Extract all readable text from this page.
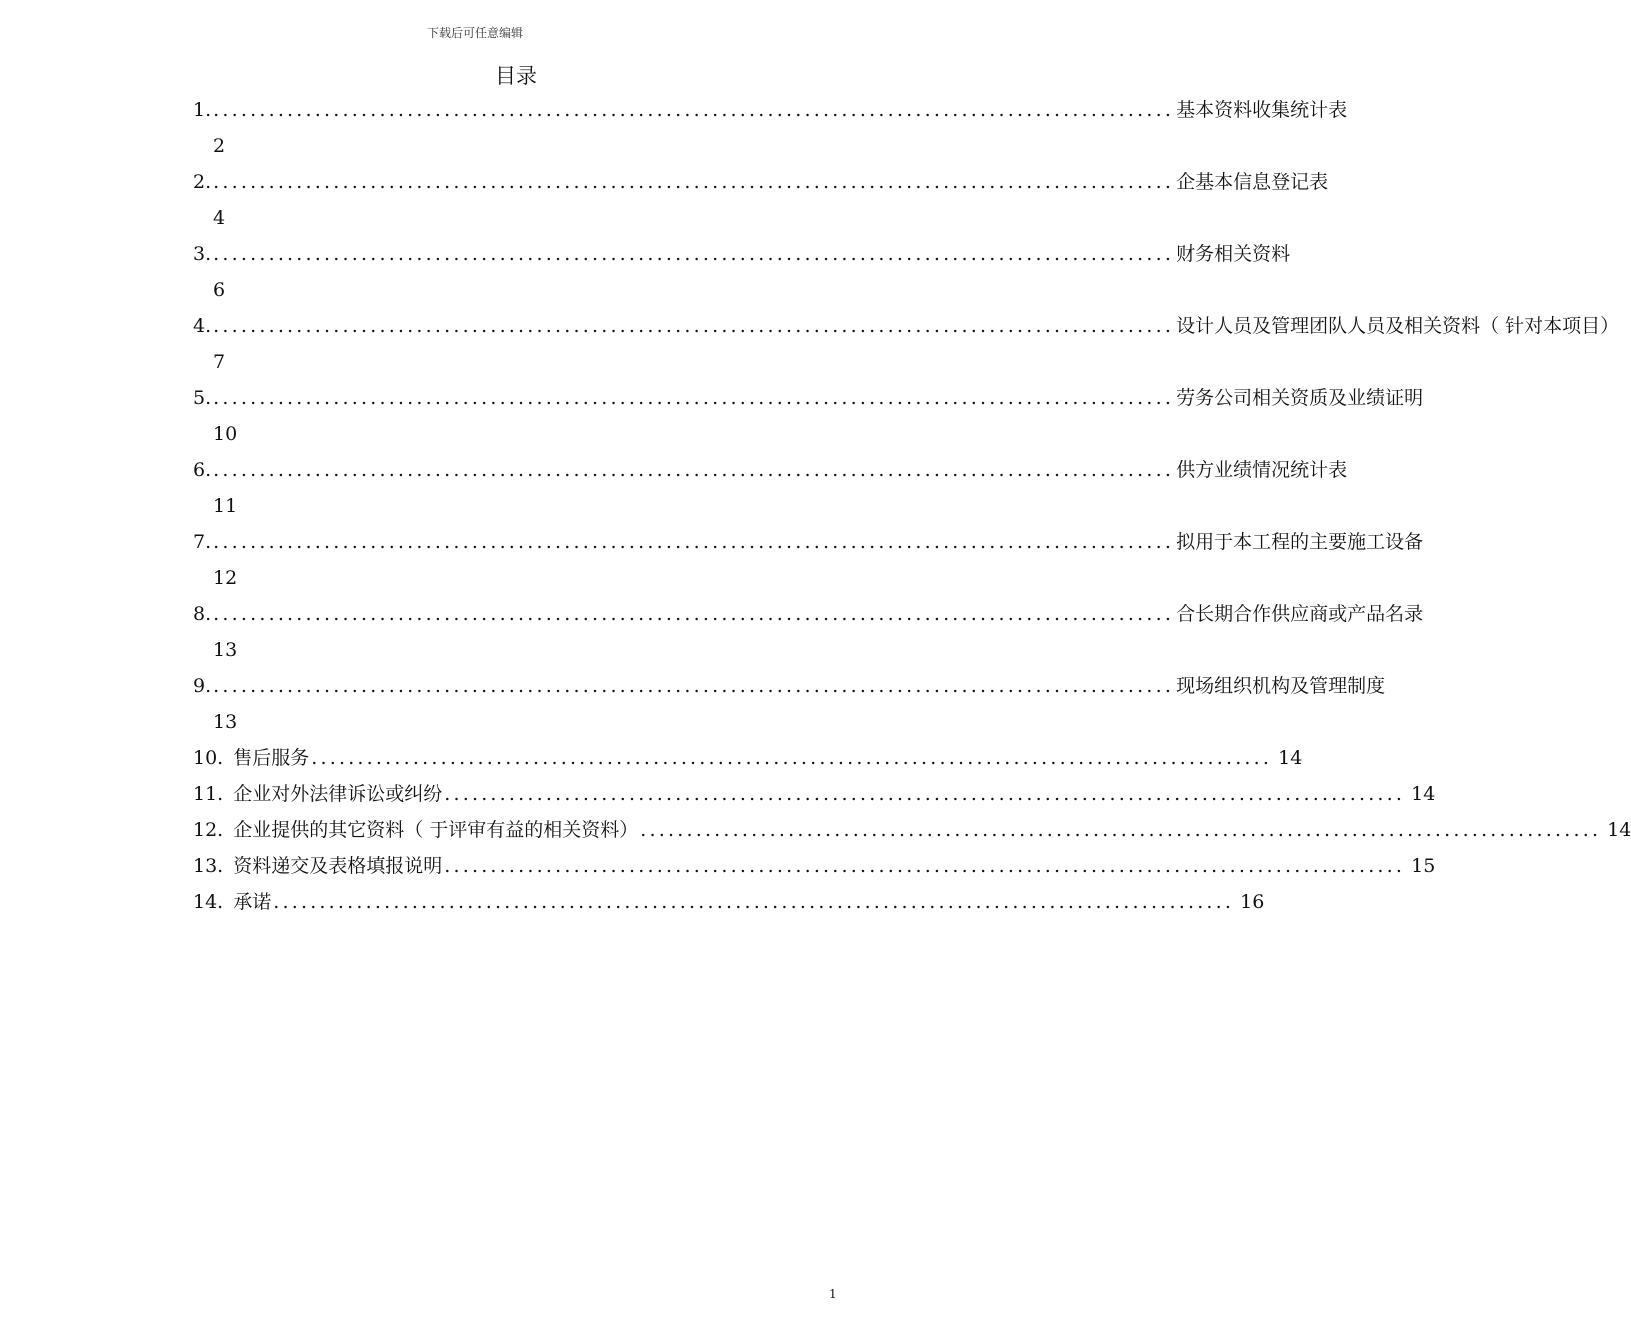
下载后可任意编辑
目录
1. ........................................................................................................ 基本资料收集统计表
2
2. ........................................................................................................ 企基本信息登记表
4
3. ........................................................................................................ 财务相关资料
6
4. ........................................................................................................ 设计人员及管理团队人员及相关资料（ 针对本项目）
7
5. ........................................................................................................ 劳务公司相关资质及业绩证明
10
6. ........................................................................................................ 供方业绩情况统计表
11
7. ........................................................................................................ 拟用于本工程的主要施工设备
12
8. ........................................................................................................ 合长期合作供应商或产品名录
13
9. ........................................................................................................ 现场组织机构及管理制度
13
10. 售后服务 ........................................................................................................ 14
11. 企业对外法律诉讼或纠纷 ........................................................................................................ 14
12. 企业提供的其它资料（ 于评审有益的相关资料） ........................................................................................................ 14
13. 资料递交及表格填报说明 ........................................................................................................ 15
14. 承诺 ........................................................................................................ 16
1
